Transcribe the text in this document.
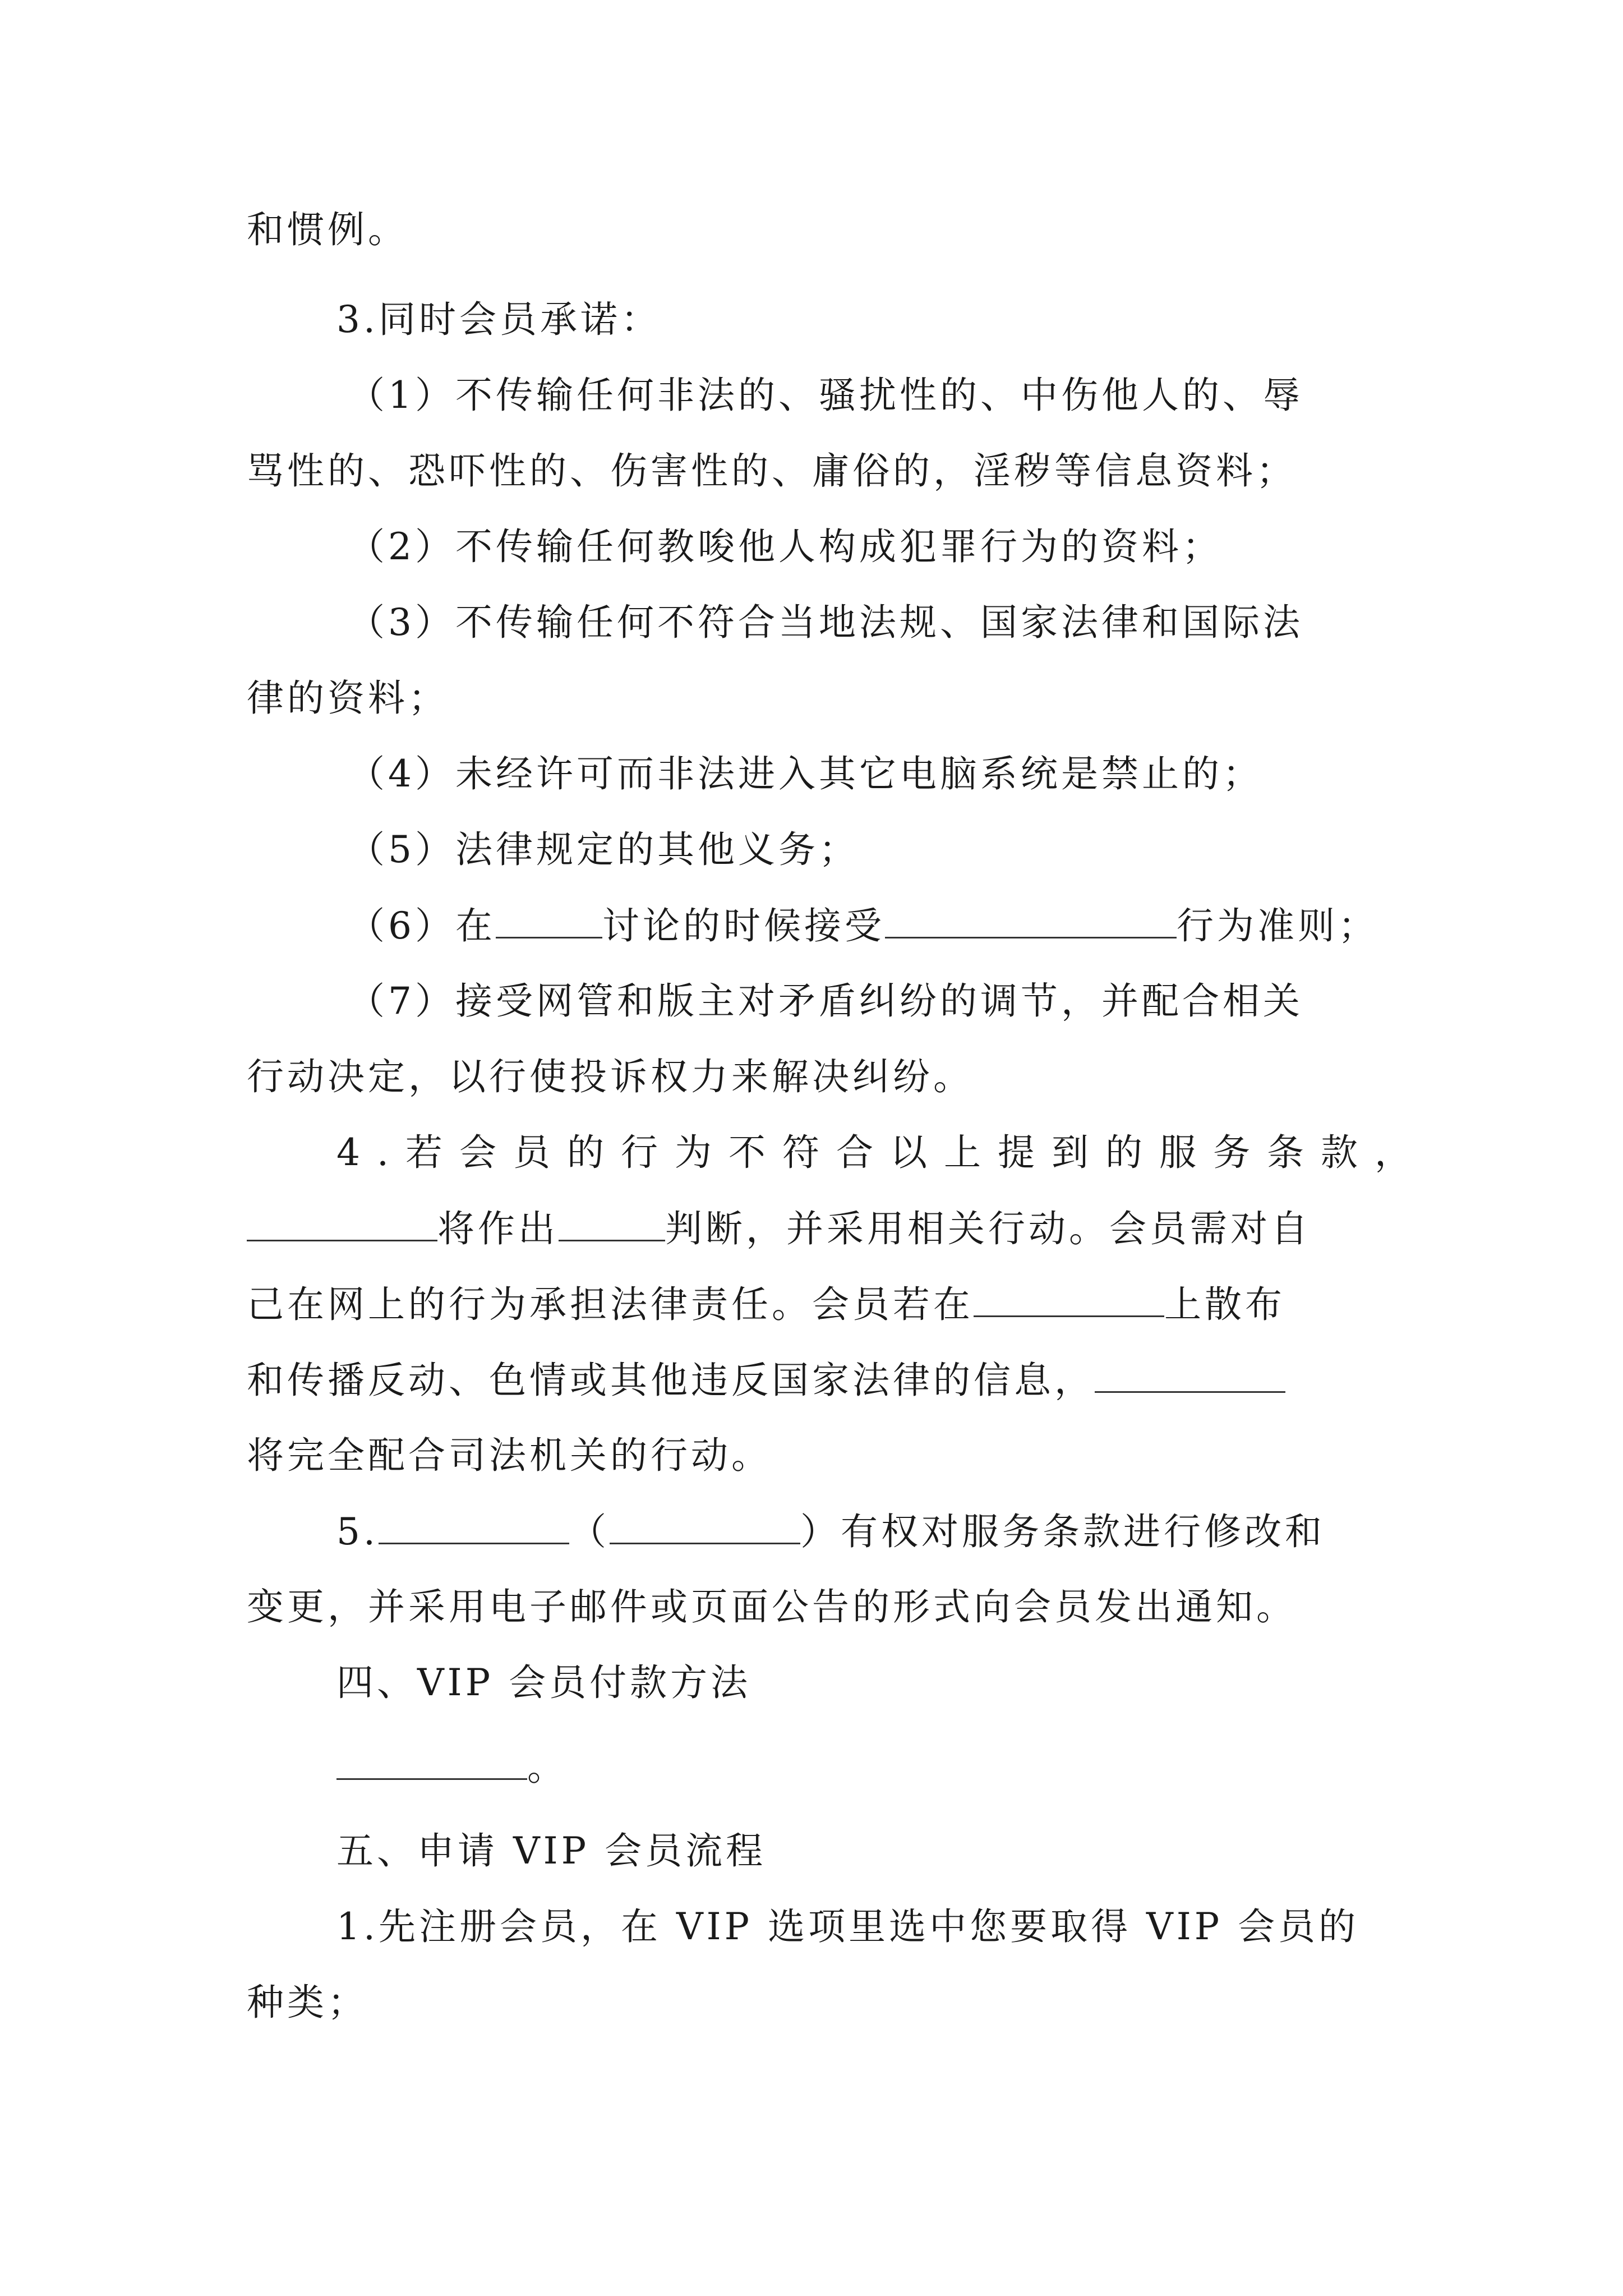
和惯例。
3.同时会员承诺：
（1）不传输任何非法的、骚扰性的、中伤他人的、辱
骂性的、恐吓性的、伤害性的、庸俗的，淫秽等信息资料；
（2）不传输任何教唆他人构成犯罪行为的资料；
（3）不传输任何不符合当地法规、国家法律和国际法
律的资料；
（4）未经许可而非法进入其它电脑系统是禁止的；
（5）法律规定的其他义务；
（6）在	讨论的时候接受	行为准则；
（7）接受网管和版主对矛盾纠纷的调节，并配合相关
行动决定，以行使投诉权力来解决纠纷。
4.若会员的行为不符合以上提到的服务条款，
将作出	判断，并采用相关行动。会员需对自
己在网上的行为承担法律责任。会员若在	上散布
和传播反动、色情或其他违反国家法律的信息，
将完全配合司法机关的行动。
5.	（	）有权对服务条款进行修改和
变更，并采用电子邮件或页面公告的形式向会员发出通知。
四、VIP 会员付款方法
。
五、申请 VIP 会员流程
1.先注册会员，在 VIP 选项里选中您要取得 VIP 会员的
种类；
